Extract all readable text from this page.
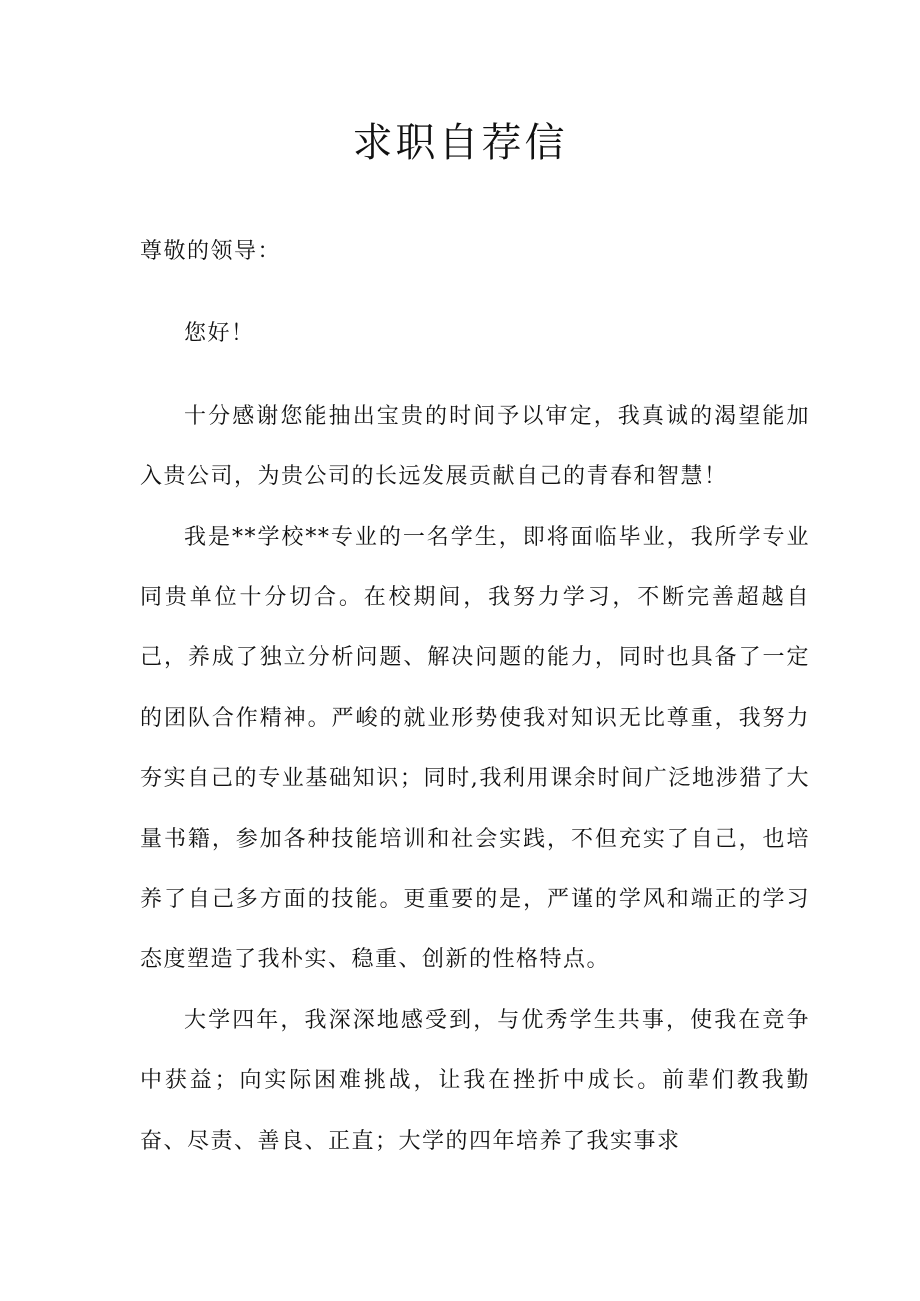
求职自荐信

尊敬的领导：

您好！

十分感谢您能抽出宝贵的时间予以审定，我真诚的渴望能加入贵公司，为贵公司的长远发展贡献自己的青春和智慧！

我是**学校**专业的一名学生，即将面临毕业，我所学专业同贵单位十分切合。在校期间，我努力学习，不断完善超越自己，养成了独立分析问题、解决问题的能力，同时也具备了一定的团队合作精神。严峻的就业形势使我对知识无比尊重，我努力夯实自己的专业基础知识；同时,我利用课余时间广泛地涉猎了大量书籍，参加各种技能培训和社会实践，不但充实了自己，也培养了自己多方面的技能。更重要的是，严谨的学风和端正的学习态度塑造了我朴实、稳重、创新的性格特点。

大学四年，我深深地感受到，与优秀学生共事，使我在竞争中获益；向实际困难挑战，让我在挫折中成长。前辈们教我勤奋、尽责、善良、正直；大学的四年培养了我实事求
